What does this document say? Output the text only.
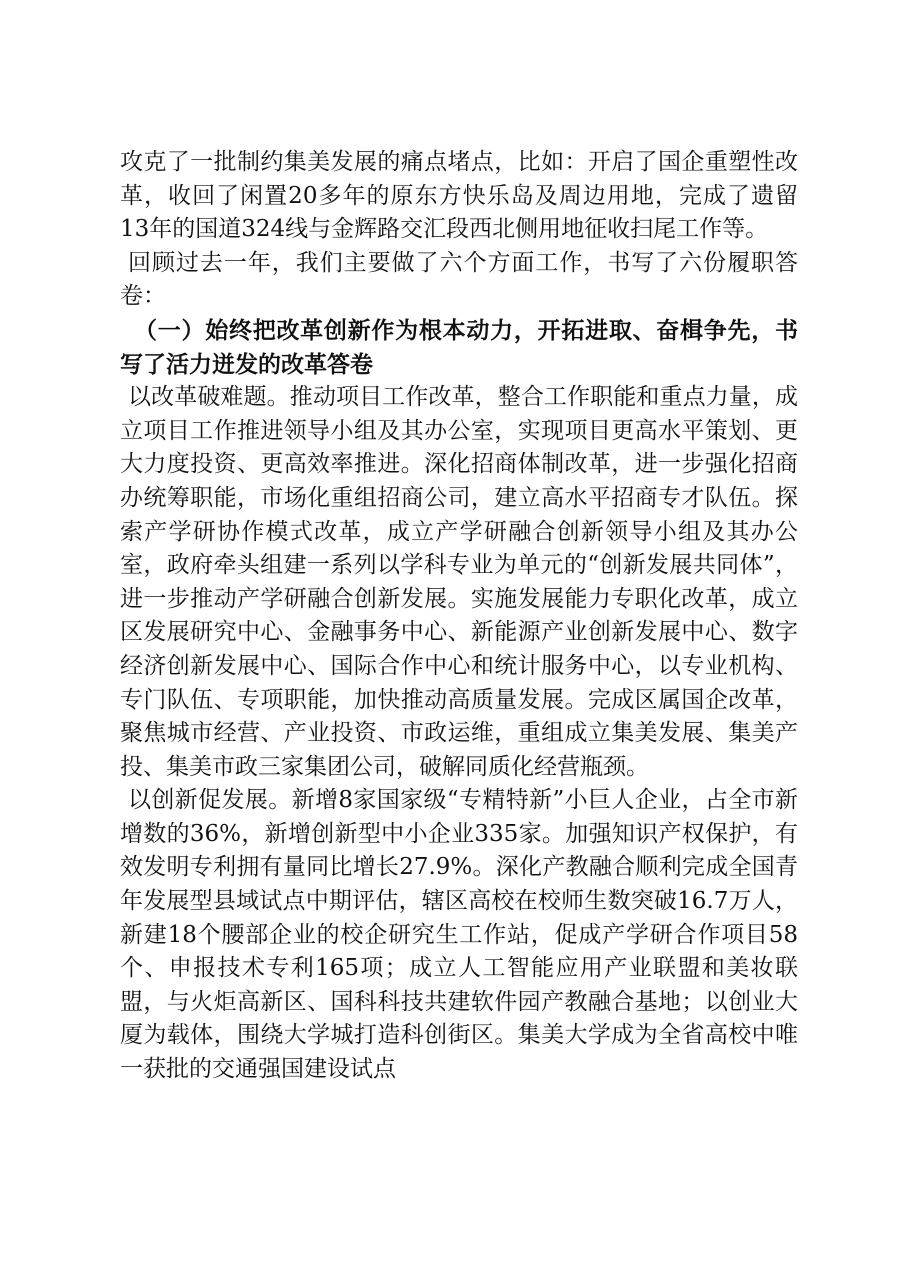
攻克了一批制约集美发展的痛点堵点，比如：开启了国企重塑性改革，收回了闲置20多年的原东方快乐岛及周边用地，完成了遗留13年的国道324线与金辉路交汇段西北侧用地征收扫尾工作等。

回顾过去一年，我们主要做了六个方面工作，书写了六份履职答卷：

（一）始终把改革创新作为根本动力，开拓进取、奋楫争先，书写了活力迸发的改革答卷

以改革破难题。推动项目工作改革，整合工作职能和重点力量，成立项目工作推进领导小组及其办公室，实现项目更高水平策划、更大力度投资、更高效率推进。深化招商体制改革，进一步强化招商办统筹职能，市场化重组招商公司，建立高水平招商专才队伍。探索产学研协作模式改革，成立产学研融合创新领导小组及其办公室，政府牵头组建一系列以学科专业为单元的“创新发展共同体”，进一步推动产学研融合创新发展。实施发展能力专职化改革，成立区发展研究中心、金融事务中心、新能源产业创新发展中心、数字经济创新发展中心、国际合作中心和统计服务中心，以专业机构、专门队伍、专项职能，加快推动高质量发展。完成区属国企改革，聚焦城市经营、产业投资、市政运维，重组成立集美发展、集美产投、集美市政三家集团公司，破解同质化经营瓶颈。

以创新促发展。新增8家国家级“专精特新”小巨人企业，占全市新增数的36%，新增创新型中小企业335家。加强知识产权保护，有效发明专利拥有量同比增长27.9%。深化产教融合顺利完成全国青年发展型县域试点中期评估，辖区高校在校师生数突破16.7万人，新建18个腰部企业的校企研究生工作站，促成产学研合作项目58个、申报技术专利165项；成立人工智能应用产业联盟和美妆联盟，与火炬高新区、国科科技共建软件园产教融合基地；以创业大厦为载体，围绕大学城打造科创街区。集美大学成为全省高校中唯一获批的交通强国建设试点
